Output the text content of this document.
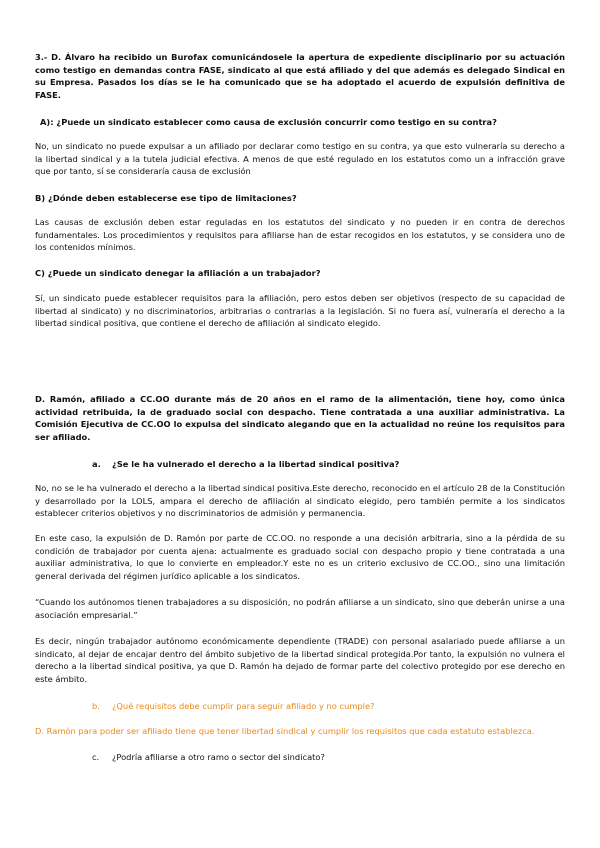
3.- D. Álvaro ha recibido un Burofax comunicándosele la apertura de expediente disciplinario por su actuación como testigo en demandas contra FASE, sindicato al que está afiliado y del que además es delegado Sindical en su Empresa. Pasados los días se le ha comunicado que se ha adoptado el acuerdo de expulsión definitiva de FASE.

A): ¿Puede un sindicato establecer como causa de exclusión concurrir como testigo en su contra?

No, un sindicato no puede expulsar a un afiliado por declarar como testigo en su contra, ya que esto vulneraría su derecho a la libertad sindical y a la tutela judicial efectiva. A menos de que esté regulado en los estatutos como un a infracción grave que por tanto, sí se consideraría causa de exclusión

B) ¿Dónde deben establecerse ese tipo de limitaciones?

Las causas de exclusión deben estar reguladas en los estatutos del sindicato y no pueden ir en contra de derechos fundamentales. Los procedimientos y requisitos para afiliarse han de estar recogidos en los estatutos, y se considera uno de los contenidos mínimos.

C) ¿Puede un sindicato denegar la afiliación a un trabajador?

Sí, un sindicato puede establecer requisitos para la afiliación, pero estos deben ser objetivos (respecto de su capacidad de libertad al sindicato) y no discriminatorios, arbitrarias o contrarias a la legislación. Si no fuera así, vulneraría el derecho a la libertad sindical positiva, que contiene el derecho de afiliación al sindicato elegido.

D. Ramón, afiliado a CC.OO durante más de 20 años en el ramo de la alimentación, tiene hoy, como única actividad retribuida, la de graduado social con despacho. Tiene contratada a una auxiliar administrativa. La Comisión Ejecutiva de CC.OO lo expulsa del sindicato alegando que en la actualidad no reúne los requisitos para ser afiliado.

a. ¿Se le ha vulnerado el derecho a la libertad sindical positiva?

No, no se le ha vulnerado el derecho a la libertad sindical positiva.Este derecho, reconocido en el artículo 28 de la Constitución y desarrollado por la LOLS, ampara el derecho de afiliación al sindicato elegido, pero también permite a los sindicatos establecer criterios objetivos y no discriminatorios de admisión y permanencia.

En este caso, la expulsión de D. Ramón por parte de CC.OO. no responde a una decisión arbitraria, sino a la pérdida de su condición de trabajador por cuenta ajena: actualmente es graduado social con despacho propio y tiene contratada a una auxiliar administrativa, lo que lo convierte en empleador.Y este no es un criterio exclusivo de CC.OO., sino una limitación general derivada del régimen jurídico aplicable a los sindicatos.

“Cuando los autónomos tienen trabajadores a su disposición, no podrán afiliarse a un sindicato, sino que deberán unirse a una asociación empresarial.”

Es decir, ningún trabajador autónomo económicamente dependiente (TRADE) con personal asalariado puede afiliarse a un sindicato, al dejar de encajar dentro del ámbito subjetivo de la libertad sindical protegida.Por tanto, la expulsión no vulnera el derecho a la libertad sindical positiva, ya que D. Ramón ha dejado de formar parte del colectivo protegido por ese derecho en este ámbito.

b. ¿Qué requisitos debe cumplir para seguir afiliado y no cumple?

D. Ramón para poder ser afiliado tiene que tener libertad sindical y cumplir los requisitos que cada estatuto establezca.

c. ¿Podría afiliarse a otro ramo o sector del sindicato?
